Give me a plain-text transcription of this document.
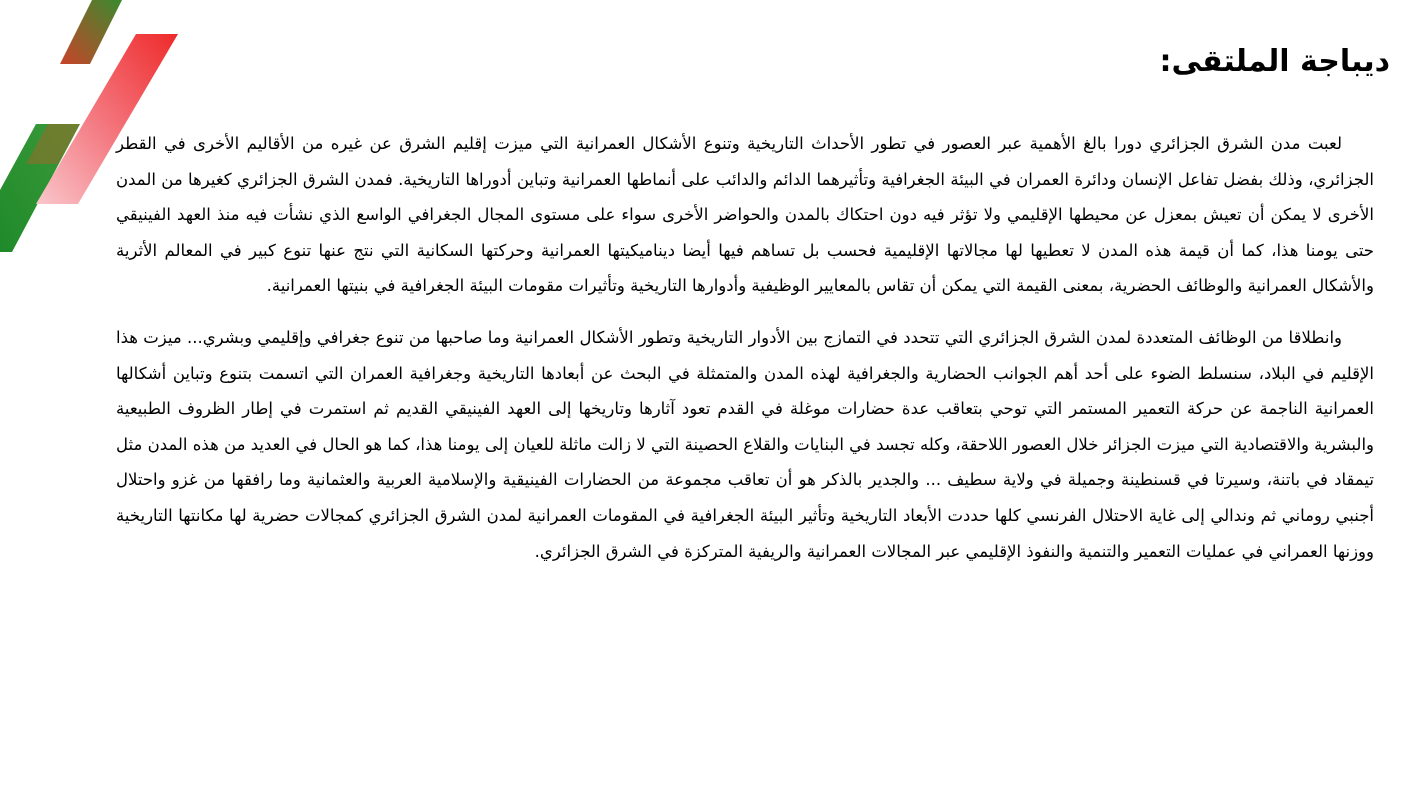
ديباجة الملتقى:

لعبت مدن الشرق الجزائري دورا بالغ الأهمية عبر العصور في تطور الأحداث التاريخية وتنوع الأشكال العمرانية التي ميزت إقليم الشرق عن غيره من الأقاليم الأخرى في القطر الجزائري، وذلك بفضل تفاعل الإنسان ودائرة العمران في البيئة الجغرافية وتأثيرهما الدائم والدائب على أنماطها العمرانية وتباين أدوراها التاريخية. فمدن الشرق الجزائري كغيرها من المدن الأخرى لا يمكن أن تعيش بمعزل عن محيطها الإقليمي ولا تؤثر فيه دون احتكاك بالمدن والحواضر الأخرى سواء على مستوى المجال الجغرافي الواسع الذي نشأت فيه منذ العهد الفينيقي حتى يومنا هذا، كما أن قيمة هذه المدن لا تعطيها لها مجالاتها الإقليمية فحسب بل تساهم فيها أيضا ديناميكيتها العمرانية وحركتها السكانية التي نتج عنها تنوع كبير في المعالم الأثرية والأشكال العمرانية والوظائف الحضرية، بمعنى القيمة التي يمكن أن تقاس بالمعايير الوظيفية وأدوارها التاريخية وتأثيرات مقومات البيئة الجغرافية في بنيتها العمرانية.

وانطلاقا من الوظائف المتعددة لمدن الشرق الجزائري التي تتحدد في التمازج بين الأدوار التاريخية وتطور الأشكال العمرانية وما صاحبها من تنوع جغرافي وإقليمي وبشري... ميزت هذا الإقليم في البلاد، سنسلط الضوء على أحد أهم الجوانب الحضارية والجغرافية لهذه المدن والمتمثلة في البحث عن أبعادها التاريخية وجغرافية العمران التي اتسمت بتنوع وتباين أشكالها العمرانية الناجمة عن حركة التعمير المستمر التي توحي بتعاقب عدة حضارات موغلة في القدم تعود آثارها وتاريخها إلى العهد الفينيقي القديم ثم استمرت في إطار الظروف الطبيعية والبشرية والاقتصادية التي ميزت الجزائر خلال العصور اللاحقة، وكله تجسد في البنايات والقلاع الحصينة التي لا زالت ماثلة للعيان إلى يومنا هذا، كما هو الحال في العديد من هذه المدن مثل تيمقاد في باتنة، وسيرتا في قسنطينة وجميلة في ولاية سطيف ... والجدير بالذكر هو أن تعاقب مجموعة من الحضارات الفينيقية والإسلامية العربية والعثمانية وما رافقها من غزو واحتلال أجنبي روماني ثم وندالي إلى غاية الاحتلال الفرنسي كلها حددت الأبعاد التاريخية وتأثير البيئة الجغرافية في المقومات العمرانية لمدن الشرق الجزائري كمجالات حضرية لها مكانتها التاريخية ووزنها العمراني في عمليات التعمير والتنمية والنفوذ الإقليمي عبر المجالات العمرانية والريفية المتركزة في الشرق الجزائري.
